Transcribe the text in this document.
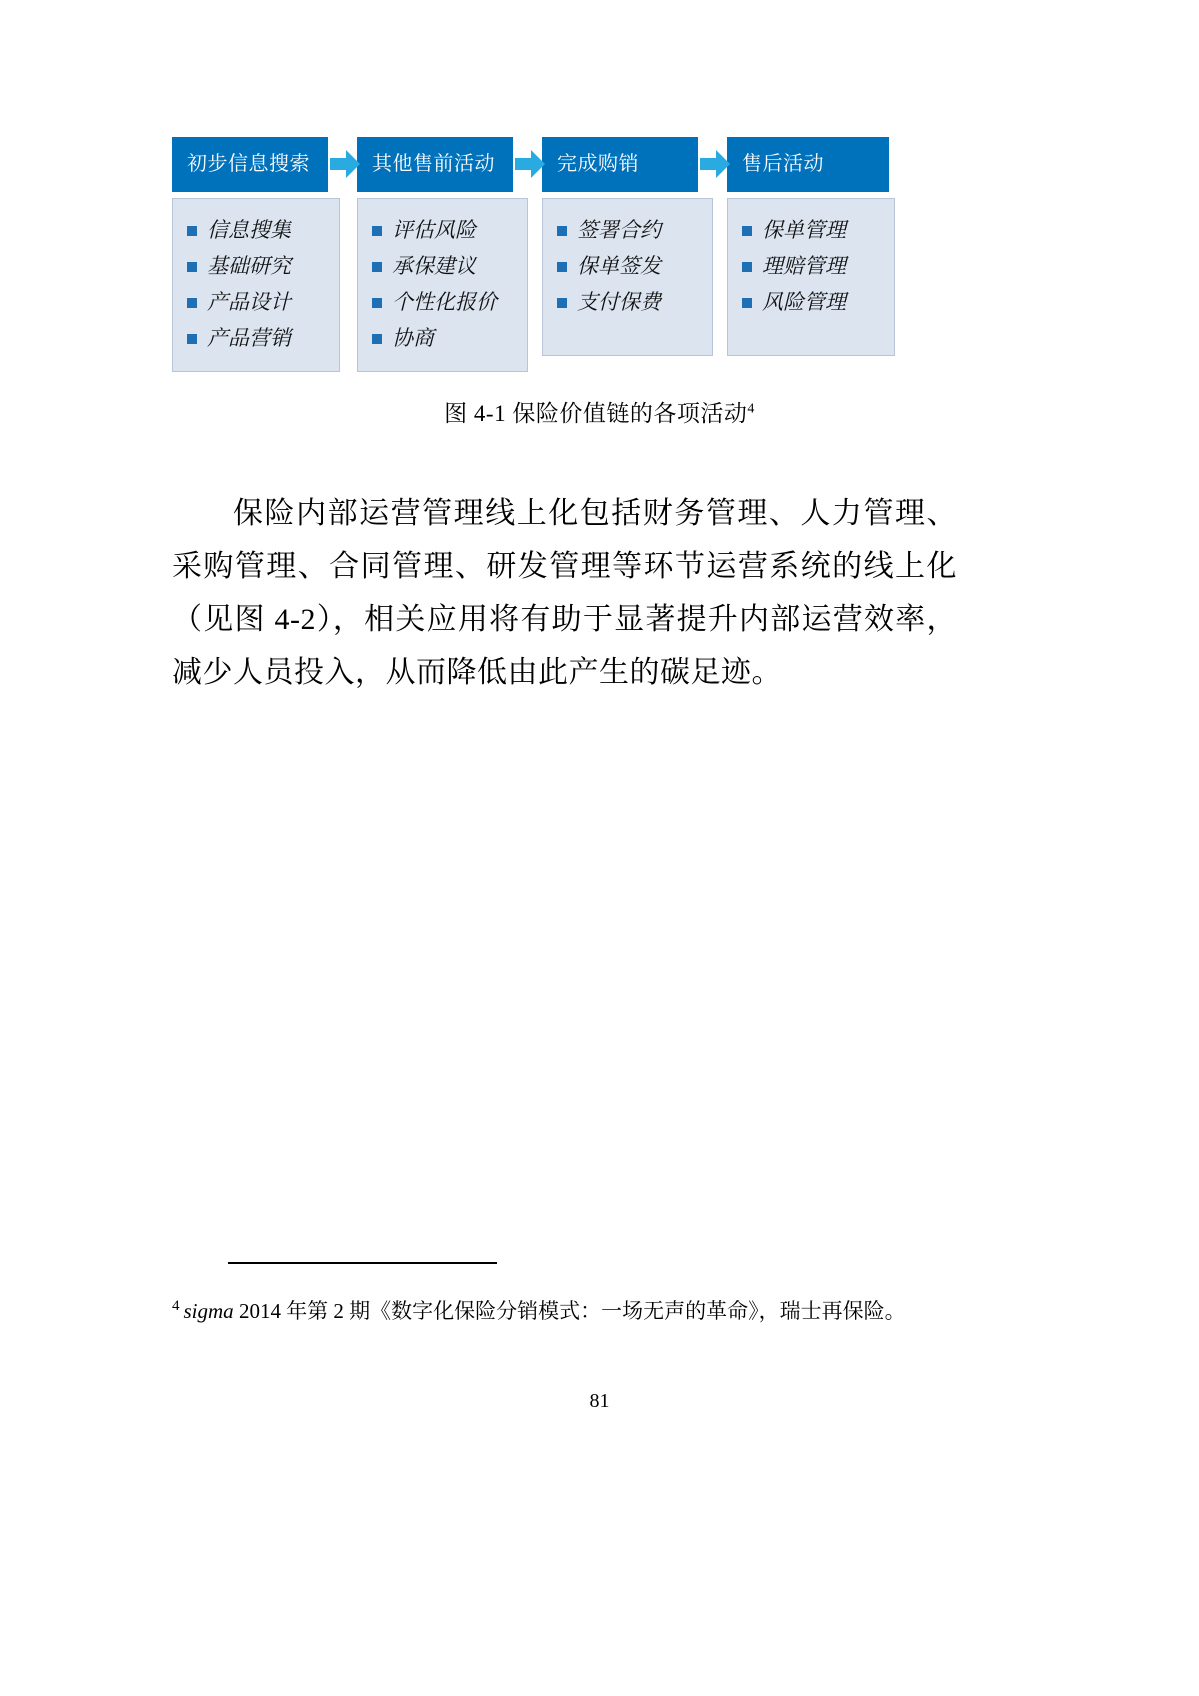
初步信息搜索
信息搜集
基础研究
产品设计
产品营销
其他售前活动
评估风险
承保建议
个性化报价
协商
完成购销
签署合约
保单签发
支付保费
售后活动
保单管理
理赔管理
风险管理
图 4-1 保险价值链的各项活动$^4$
保险内部运营管理线上化包括财务管理、人力管理、采购管理、合同管理、研发管理等环节运营系统的线上化（见图 4-2），相关应用将有助于显著提升内部运营效率，减少人员投入，从而降低由此产生的碳足迹。
$^4$ sigma 2014 年第 2 期《数字化保险分销模式：一场无声的革命》，瑞士再保险。
81
